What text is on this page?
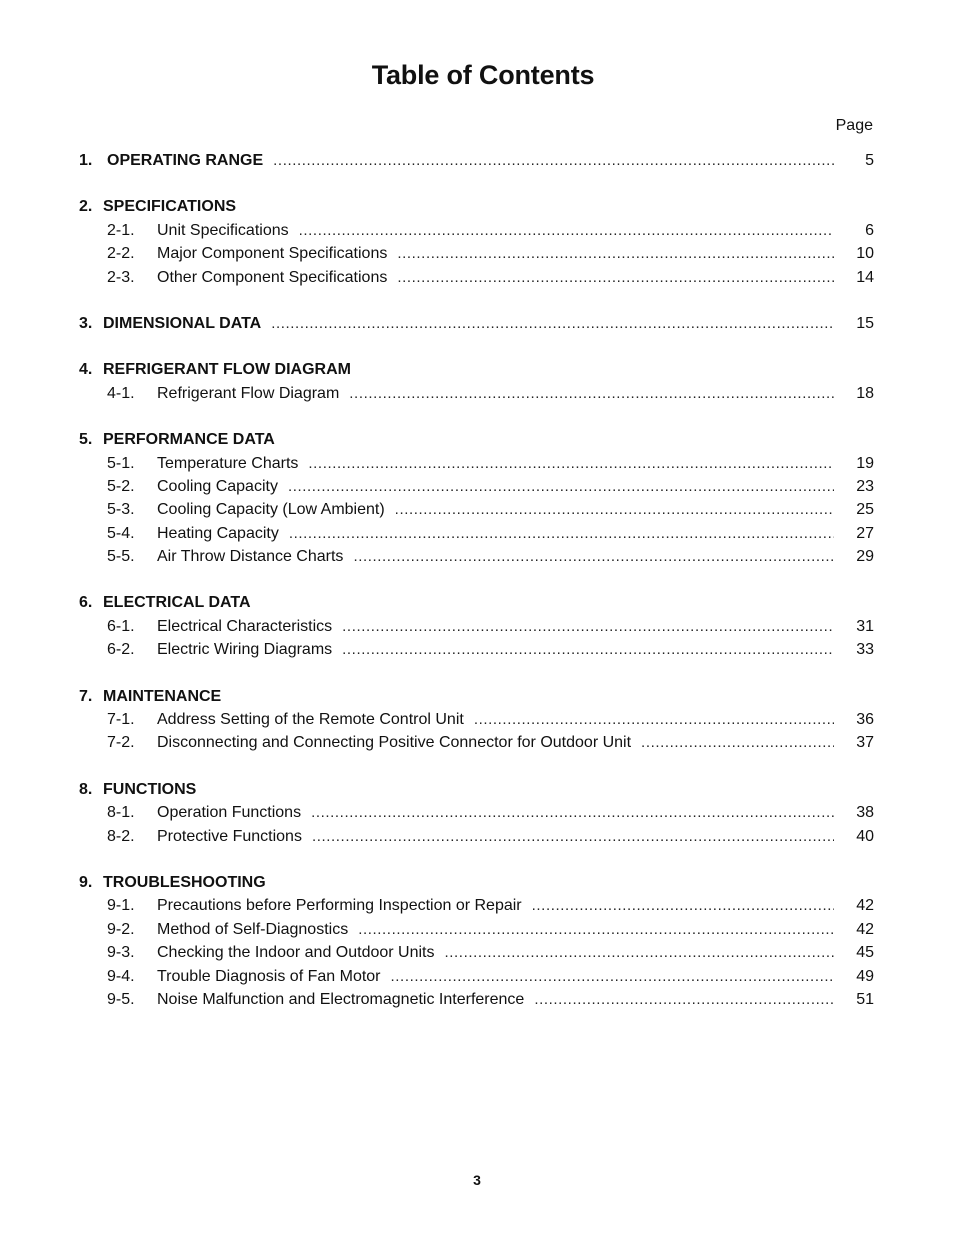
Table of Contents
Page
1. OPERATING RANGE .....	5
2. SPECIFICATIONS
2-1.	Unit Specifications .....	6
2-2.	Major Component Specifications .....	10
2-3.	Other Component Specifications .....	14
3. DIMENSIONAL DATA .....	15
4. REFRIGERANT FLOW DIAGRAM
4-1.	Refrigerant Flow Diagram .....	18
5. PERFORMANCE DATA
5-1.	Temperature Charts .....	19
5-2.	Cooling Capacity .....	23
5-3.	Cooling Capacity (Low Ambient) .....	25
5-4.	Heating Capacity .....	27
5-5.	Air Throw Distance Charts .....	29
6. ELECTRICAL DATA
6-1.	Electrical Characteristics .....	31
6-2.	Electric Wiring Diagrams .....	33
7. MAINTENANCE
7-1.	Address Setting of the Remote Control Unit .....	36
7-2.	Disconnecting and Connecting Positive Connector for Outdoor Unit .....	37
8. FUNCTIONS
8-1.	Operation Functions .....	38
8-2.	Protective Functions .....	40
9. TROUBLESHOOTING
9-1.	Precautions before Performing Inspection or Repair .....	42
9-2.	Method of Self-Diagnostics .....	42
9-3.	Checking the Indoor and Outdoor Units .....	45
9-4.	Trouble Diagnosis of Fan Motor .....	49
9-5.	Noise Malfunction and Electromagnetic Interference .....	51
3
